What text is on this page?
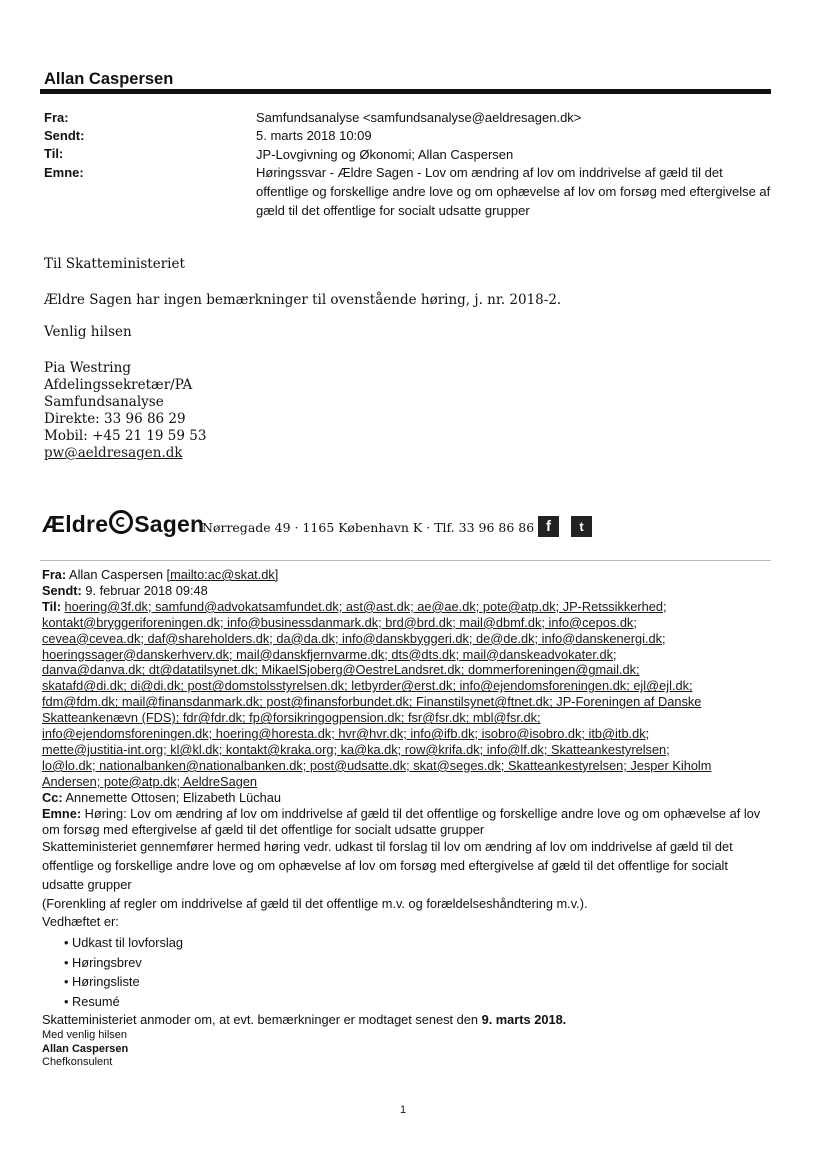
Allan Caspersen
Fra:	Samfundsanalyse <samfundsanalyse@aeldresagen.dk>
Sendt:	5. marts 2018 10:09
Til:	JP-Lovgivning og Økonomi; Allan Caspersen
Emne:	Høringssvar - Ældre Sagen - Lov om ændring af lov om inddrivelse af gæld til det offentlige og forskellige andre love og om ophævelse af lov om forsøg med eftergivelse af gæld til det offentlige for socialt udsatte grupper
Til Skatteministeriet
Ældre Sagen har ingen bemærkninger til ovenstående høring, j. nr. 2018-2.
Venlig hilsen
Pia Westring
Afdelingssekretær/PA
Samfundsanalyse
Direkte: 33 96 86 29
Mobil: +45 21 19 59 53
pw@aeldresagen.dk
Ældre Sagen
Nørregade 49 · 1165 København K · Tlf. 33 96 86 86 f	t

Fra: Allan Caspersen [mailto:ac@skat.dk]

Sendt: 9. februar 2018 09:48

Til: hoering@3f.dk; samfund@advokatsamfundet.dk; ast@ast.dk; ae@ae.dk; pote@atp.dk; JP-Retssikkerhed;
kontakt@bryggeriforeningen.dk; info@businessdanmark.dk; brd@brd.dk; mail@dbmf.dk; info@cepos.dk;
cevea@cevea.dk; daf@shareholders.dk; da@da.dk; info@danskbyggeri.dk; de@de.dk; info@danskenergi.dk;
hoeringssager@danskerhverv.dk; mail@danskfjernvarme.dk; dts@dts.dk; mail@danskeadvokater.dk;
danva@danva.dk; dt@datatilsynet.dk; MikaelSjoberg@OestreLandsret.dk; dommerforeningen@gmail.dk;
skatafd@di.dk; di@di.dk; post@domstolsstyrelsen.dk; letbyrder@erst.dk; info@ejendomsforeningen.dk; ejl@ejl.dk;
fdm@fdm.dk; mail@finansdanmark.dk; post@finansforbundet.dk; Finanstilsynet@ftnet.dk; JP-Foreningen af Danske
Skatteankenævn (FDS); fdr@fdr.dk; fp@forsikringogpension.dk; fsr@fsr.dk; mbl@fsr.dk;
info@ejendomsforeningen.dk; hoering@horesta.dk; hvr@hvr.dk; info@ifb.dk; isobro@isobro.dk; itb@itb.dk;
mette@justitia-int.org; kl@kl.dk; kontakt@kraka.org; ka@ka.dk; row@krifa.dk; info@lf.dk; Skatteankestyrelsen;
lo@lo.dk; nationalbanken@nationalbanken.dk; post@udsatte.dk; skat@seges.dk; Skatteankestyrelsen; Jesper Kiholm
Andersen; pote@atp.dk; AeldreSagen

Cc: Annemette Ottosen; Elizabeth Lüchau

Emne: Høring: Lov om ændring af lov om inddrivelse af gæld til det offentlige og forskellige andre love og om ophævelse af lov om forsøg med eftergivelse af gæld til det offentlige for socialt udsatte grupper

Skatteministeriet gennemfører hermed høring vedr. udkast til forslag til lov om ændring af lov om inddrivelse af gæld til det offentlige og forskellige andre love og om ophævelse af lov om forsøg med eftergivelse af gæld til det offentlige for socialt udsatte grupper

(Forenkling af regler om inddrivelse af gæld til det offentlige m.v. og forældelseshåndtering m.v.).

Vedhæftet er:

• Udkast til lovforslag
• Høringsbrev
• Høringsliste
• Resumé

Skatteministeriet anmoder om, at evt. bemærkninger er modtaget senest den 9. marts 2018.

Med venlig hilsen
Allan Caspersen
Chefkonsulent
1
